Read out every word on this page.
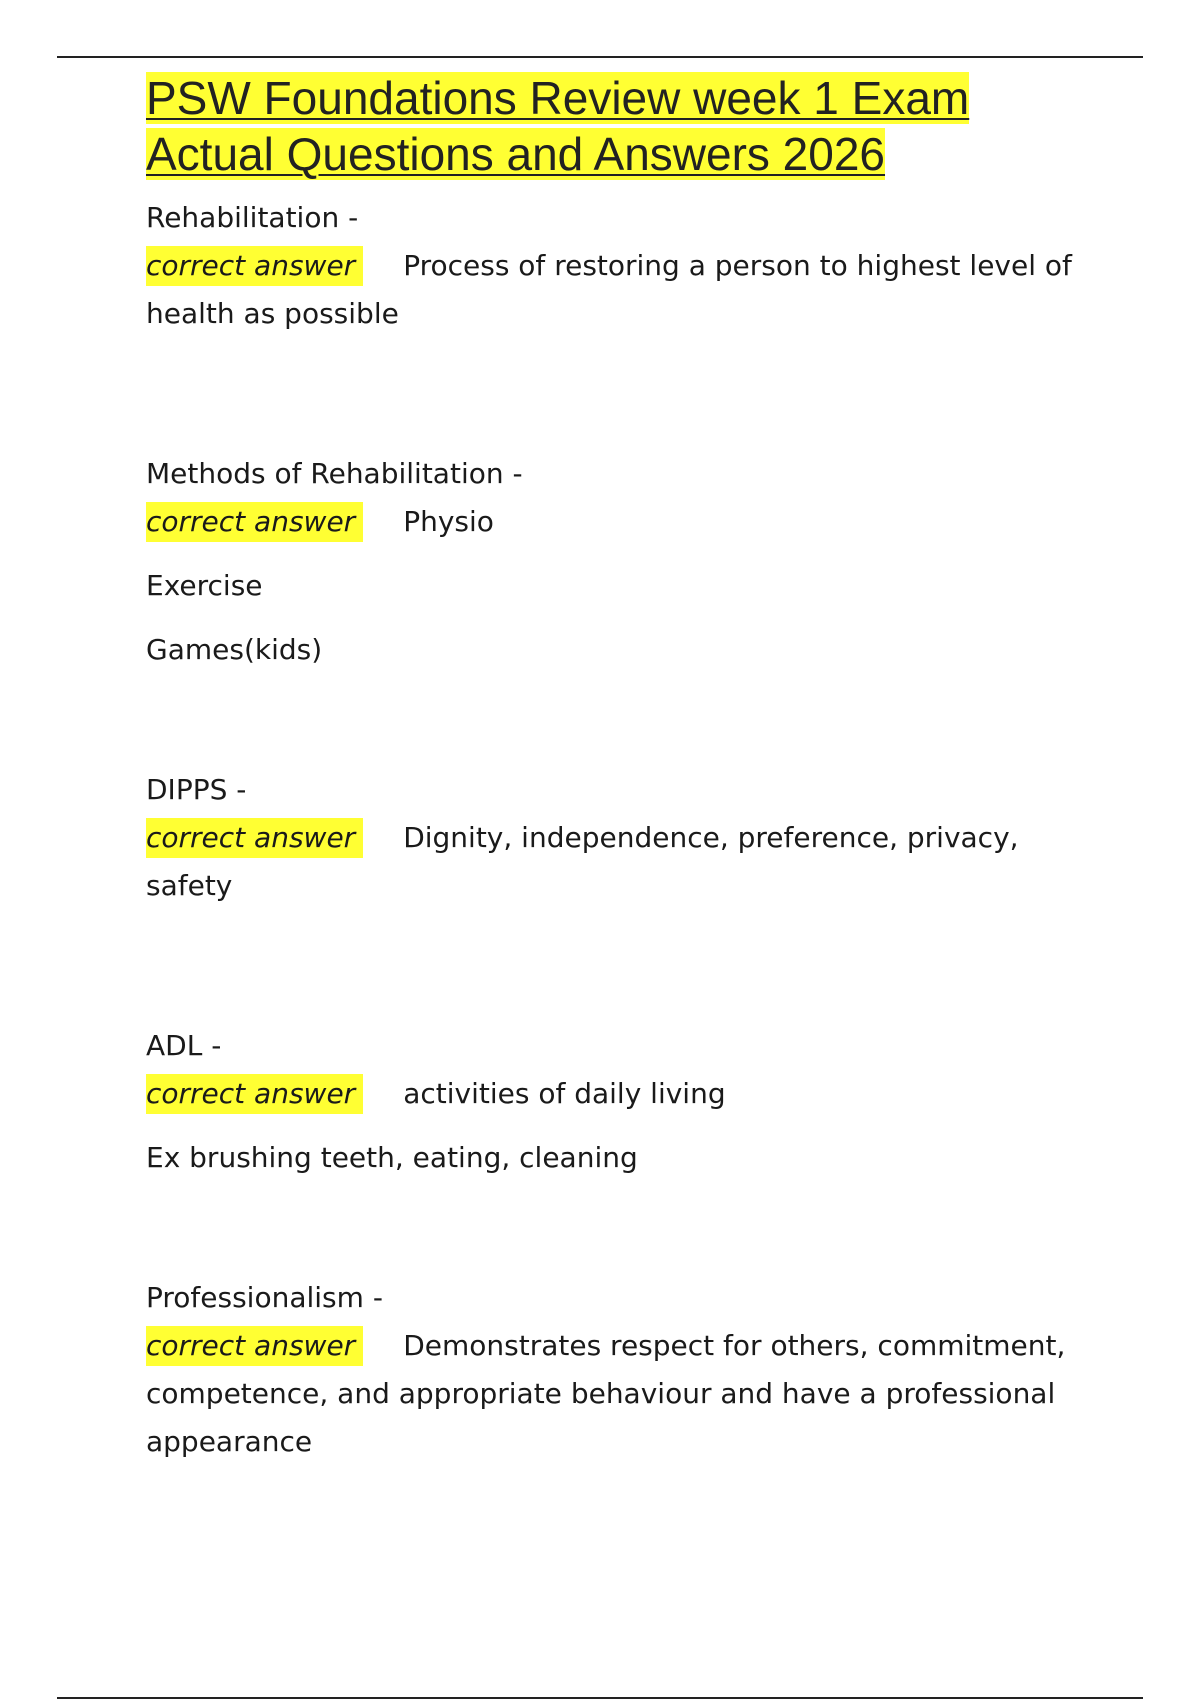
PSW Foundations Review week 1 Exam
Actual Questions and Answers 2026
Rehabilitation -
correct answer Process of restoring a person to highest level of health as possible
Methods of Rehabilitation -
correct answer Physio
Exercise
Games(kids)
DIPPS -
correct answer Dignity, independence, preference, privacy, safety
ADL -
correct answer activities of daily living
Ex brushing teeth, eating, cleaning
Professionalism -
correct answer Demonstrates respect for others, commitment, competence, and appropriate behaviour and have a professional appearance
